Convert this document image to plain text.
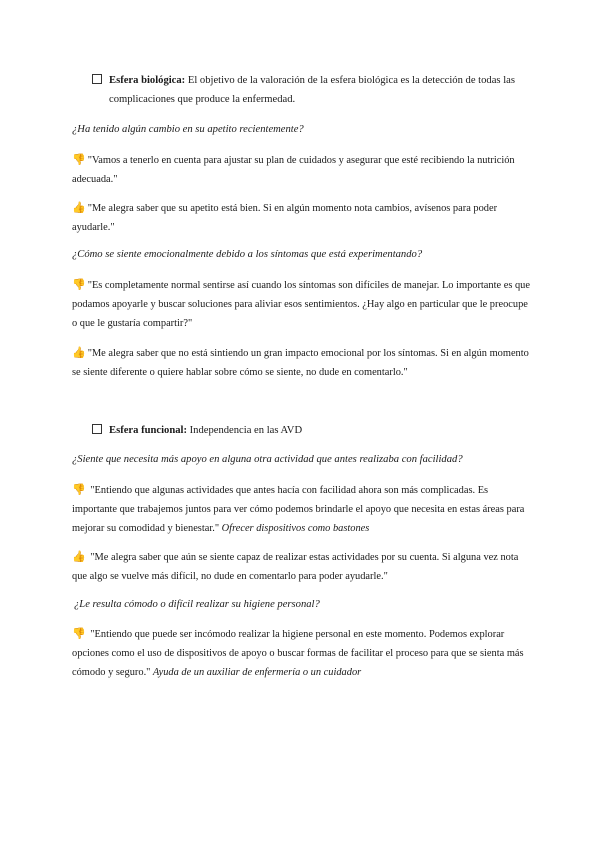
Esfera biológica: El objetivo de la valoración de la esfera biológica es la detección de todas las complicaciones que produce la enfermedad.
¿Ha tenido algún cambio en su apetito recientemente?
👎 "Vamos a tenerlo en cuenta para ajustar su plan de cuidados y asegurar que esté recibiendo la nutrición adecuada."
👍 "Me alegra saber que su apetito está bien. Si en algún momento nota cambios, avísenos para poder ayudarle."
¿Cómo se siente emocionalmente debido a los síntomas que está experimentando?
👎 "Es completamente normal sentirse así cuando los síntomas son difíciles de manejar. Lo importante es que podamos apoyarle y buscar soluciones para aliviar esos sentimientos. ¿Hay algo en particular que le preocupe o que le gustaría compartir?"
👍 "Me alegra saber que no está sintiendo un gran impacto emocional por los síntomas. Si en algún momento se siente diferente o quiere hablar sobre cómo se siente, no dude en comentarlo."
Esfera funcional: Independencia en las AVD
¿Siente que necesita más apoyo en alguna otra actividad que antes realizaba con facilidad?
👎 "Entiendo que algunas actividades que antes hacía con facilidad ahora son más complicadas. Es importante que trabajemos juntos para ver cómo podemos brindarle el apoyo que necesita en estas áreas para mejorar su comodidad y bienestar." Ofrecer dispositivos como bastones
👍 "Me alegra saber que aún se siente capaz de realizar estas actividades por su cuenta. Si alguna vez nota que algo se vuelve más difícil, no dude en comentarlo para poder ayudarle."
¿Le resulta cómodo o difícil realizar su higiene personal?
👎 "Entiendo que puede ser incómodo realizar la higiene personal en este momento. Podemos explorar opciones como el uso de dispositivos de apoyo o buscar formas de facilitar el proceso para que se sienta más cómodo y seguro." Ayuda de un auxiliar de enfermería o un cuidador
